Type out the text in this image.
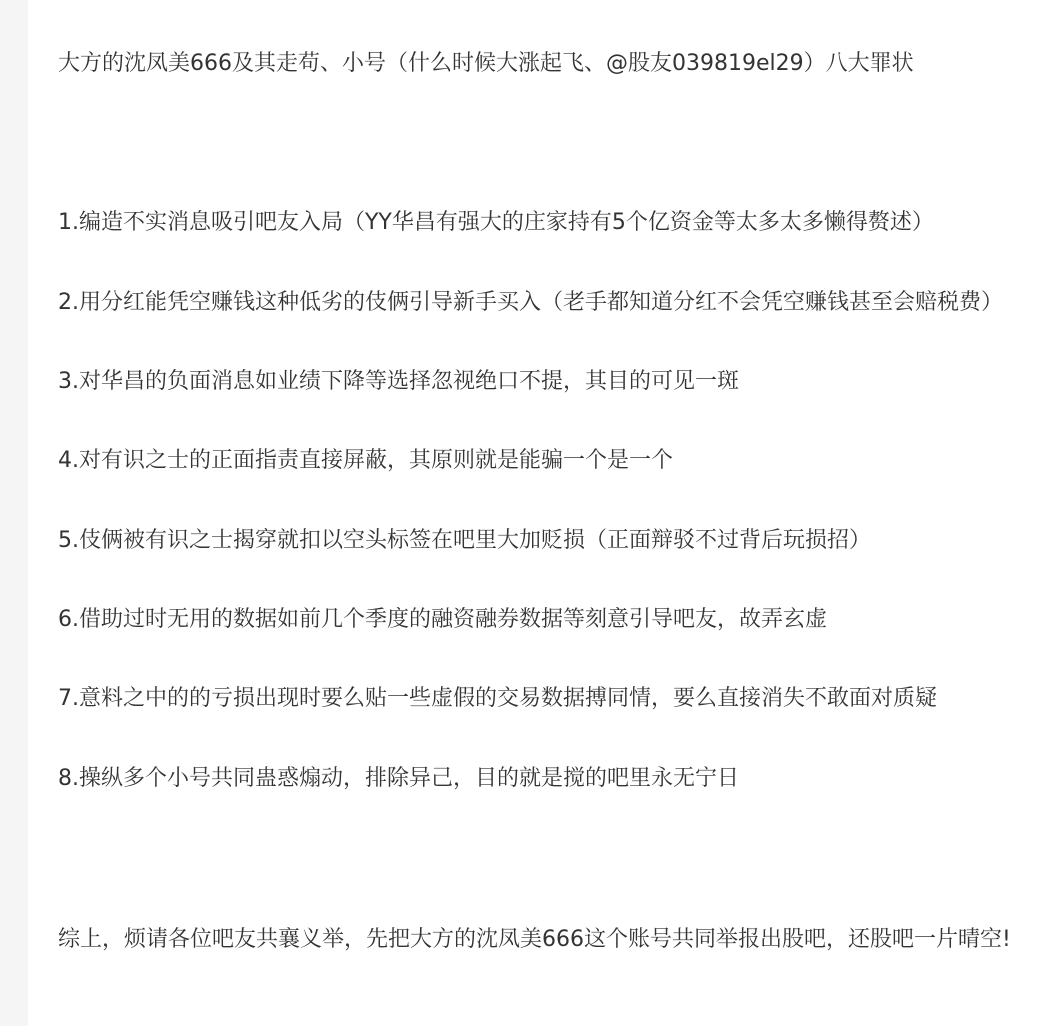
大方的沈凤美666及其走苟、小号（什么时候大涨起飞、@股友039819el29）八大罪状

1.编造不实消息吸引吧友入局（YY华昌有强大的庄家持有5个亿资金等太多太多懒得赘述）

2.用分红能凭空赚钱这种低劣的伎俩引导新手买入（老手都知道分红不会凭空赚钱甚至会赔税费）

3.对华昌的负面消息如业绩下降等选择忽视绝口不提，其目的可见一斑

4.对有识之士的正面指责直接屏蔽，其原则就是能骗一个是一个

5.伎俩被有识之士揭穿就扣以空头标签在吧里大加贬损（正面辩驳不过背后玩损招）

6.借助过时无用的数据如前几个季度的融资融券数据等刻意引导吧友，故弄玄虚

7.意料之中的的亏损出现时要么贴一些虚假的交易数据搏同情，要么直接消失不敢面对质疑

8.操纵多个小号共同蛊惑煽动，排除异己，目的就是搅的吧里永无宁日

综上，烦请各位吧友共襄义举，先把大方的沈凤美666这个账号共同举报出股吧，还股吧一片晴空!
